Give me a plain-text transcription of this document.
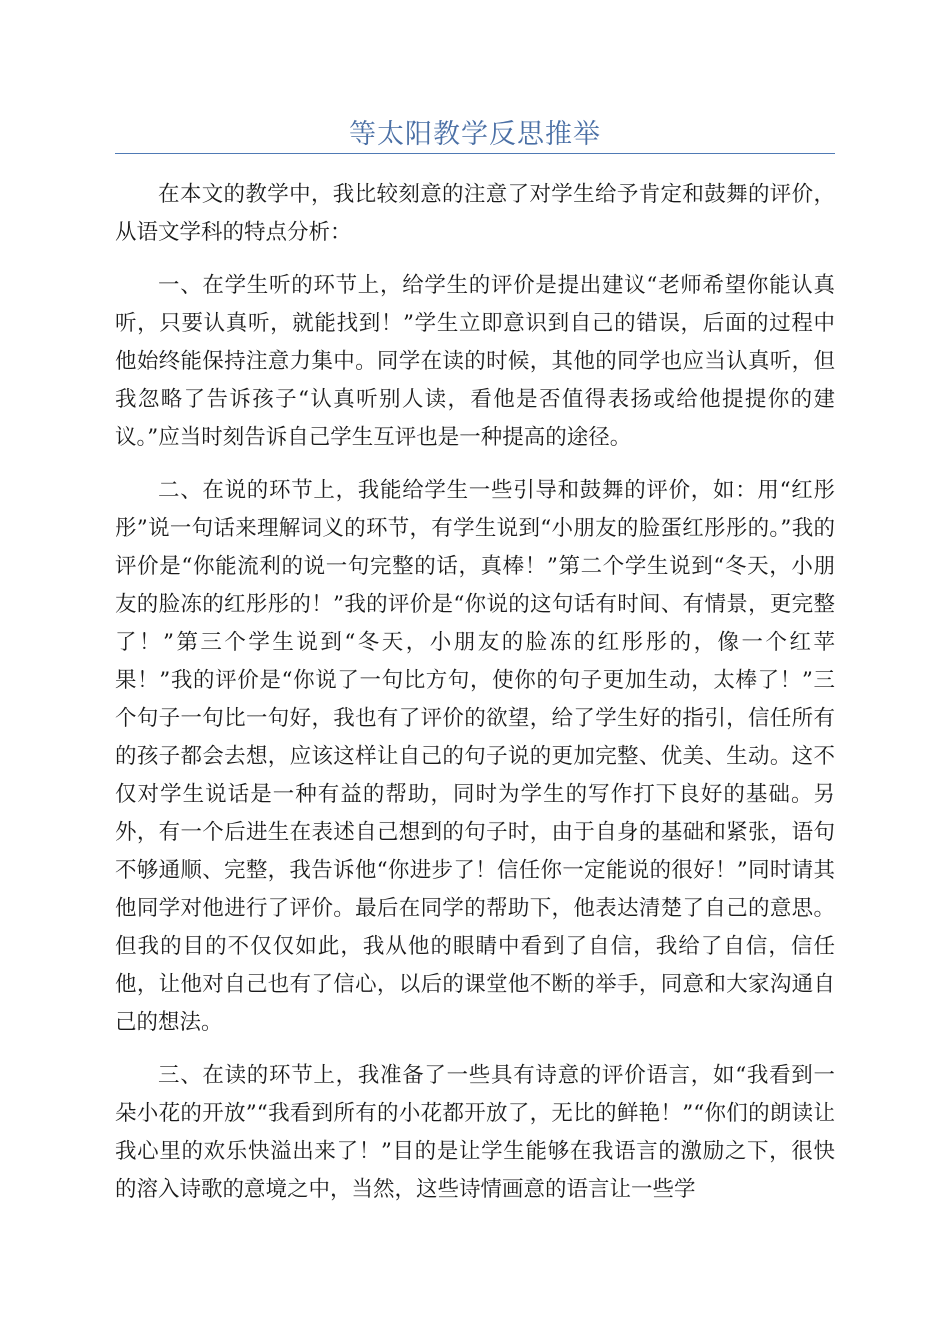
等太阳教学反思推举

在本文的教学中，我比较刻意的注意了对学生给予肯定和鼓舞的评价，从语文学科的特点分析：

一、在学生听的环节上，给学生的评价是提出建议“老师希望你能认真听，只要认真听，就能找到！”学生立即意识到自己的错误，后面的过程中他始终能保持注意力集中。同学在读的时候，其他的同学也应当认真听，但我忽略了告诉孩子“认真听别人读，看他是否值得表扬或给他提提你的建议。”应当时刻告诉自己学生互评也是一种提高的途径。

二、在说的环节上，我能给学生一些引导和鼓舞的评价，如：用“红彤彤”说一句话来理解词义的环节，有学生说到“小朋友的脸蛋红彤彤的。”我的评价是“你能流利的说一句完整的话，真棒！”第二个学生说到“冬天，小朋友的脸冻的红彤彤的！”我的评价是“你说的这句话有时间、有情景，更完整了！”第三个学生说到“冬天，小朋友的脸冻的红彤彤的，像一个红苹果！”我的评价是“你说了一句比方句，使你的句子更加生动，太棒了！”三个句子一句比一句好，我也有了评价的欲望，给了学生好的指引，信任所有的孩子都会去想，应该这样让自己的句子说的更加完整、优美、生动。这不仅对学生说话是一种有益的帮助，同时为学生的写作打下良好的基础。另外，有一个后进生在表述自己想到的句子时，由于自身的基础和紧张，语句不够通顺、完整，我告诉他“你进步了！信任你一定能说的很好！”同时请其他同学对他进行了评价。最后在同学的帮助下，他表达清楚了自己的意思。但我的目的不仅仅如此，我从他的眼睛中看到了自信，我给了自信，信任他，让他对自己也有了信心，以后的课堂他不断的举手，同意和大家沟通自己的想法。

三、在读的环节上，我准备了一些具有诗意的评价语言，如“我看到一朵小花的开放”“我看到所有的小花都开放了，无比的鲜艳！”“你们的朗读让我心里的欢乐快溢出来了！”目的是让学生能够在我语言的激励之下，很快的溶入诗歌的意境之中，当然，这些诗情画意的语言让一些学
